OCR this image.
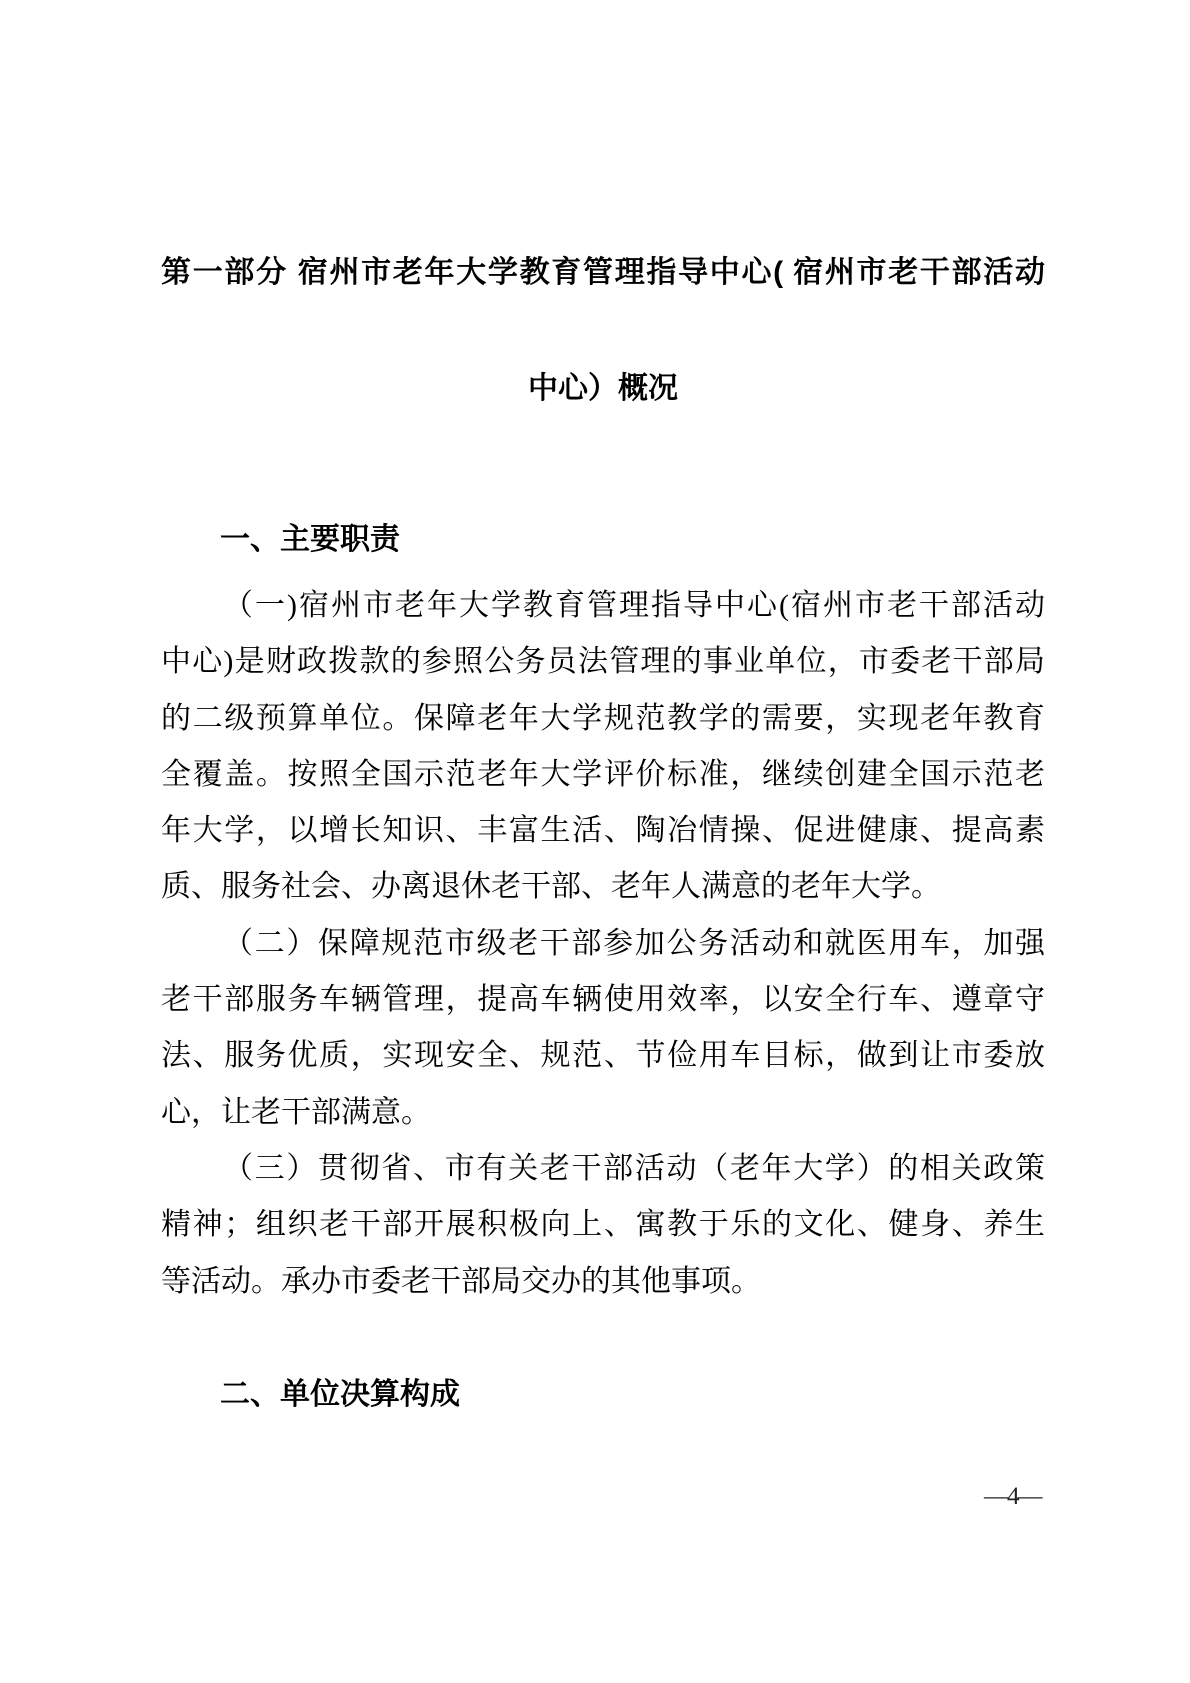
第一部分 宿州市老年大学教育管理指导中心( 宿州市老干部活动
中心）概况
一、主要职责
（一)宿州市老年大学教育管理指导中心(宿州市老干部活动
中心)是财政拨款的参照公务员法管理的事业单位，市委老干部局
的二级预算单位。保障老年大学规范教学的需要，实现老年教育
全覆盖。按照全国示范老年大学评价标准，继续创建全国示范老
年大学，以增长知识、丰富生活、陶冶情操、促进健康、提高素
质、服务社会、办离退休老干部、老年人满意的老年大学。
（二）保障规范市级老干部参加公务活动和就医用车，加强
老干部服务车辆管理，提高车辆使用效率，以安全行车、遵章守
法、服务优质，实现安全、规范、节俭用车目标，做到让市委放
心，让老干部满意。
（三）贯彻省、市有关老干部活动（老年大学）的相关政策
精神；组织老干部开展积极向上、寓教于乐的文化、健身、养生
等活动。承办市委老干部局交办的其他事项。
二、单位决算构成
—4—
